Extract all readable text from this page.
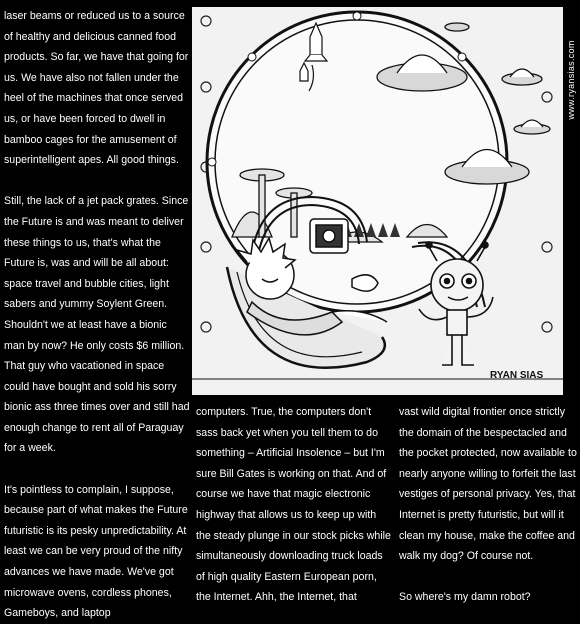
laser beams or reduced us to a source of healthy and delicious canned food products. So far, we have that going for us. We have also not fallen under the heel of the machines that once served us, or have been forced to dwell in bamboo cages for the amusement of superintelligent apes. All good things.

Still, the lack of a jet pack grates. Since the Future is and was meant to deliver these things to us, that's what the Future is, was and will be all about: space travel and bubble cities, light sabers and yummy Soylent Green. Shouldn't we at least have a bionic man by now? He only costs $6 million. That guy who vacationed in space could have bought and sold his sorry bionic ass three times over and still had enough change to rent all of Paraguay for a week.

It's pointless to complain, I suppose, because part of what makes the Future futuristic is its pesky unpredictability. At least we can be very proud of the nifty advances we have made. We've got microwave ovens, cordless phones, Gameboys, and laptop

RYAN SIAS
www.ryansias.com

computers. True, the computers don't sass back yet when you tell them to do something – Artificial Insolence – but I'm sure Bill Gates is working on that. And of course we have that magic electronic highway that allows us to keep up with the steady plunge in our stock picks while simultaneously downloading truck loads of high quality Eastern European porn, the Internet. Ahh, the Internet, that

vast wild digital frontier once strictly the domain of the bespectacled and the pocket protected, now available to nearly anyone willing to forfeit the last vestiges of personal privacy. Yes, that Internet is pretty futuristic, but will it clean my house, make the coffee and walk my dog? Of course not.

So where's my damn robot?
